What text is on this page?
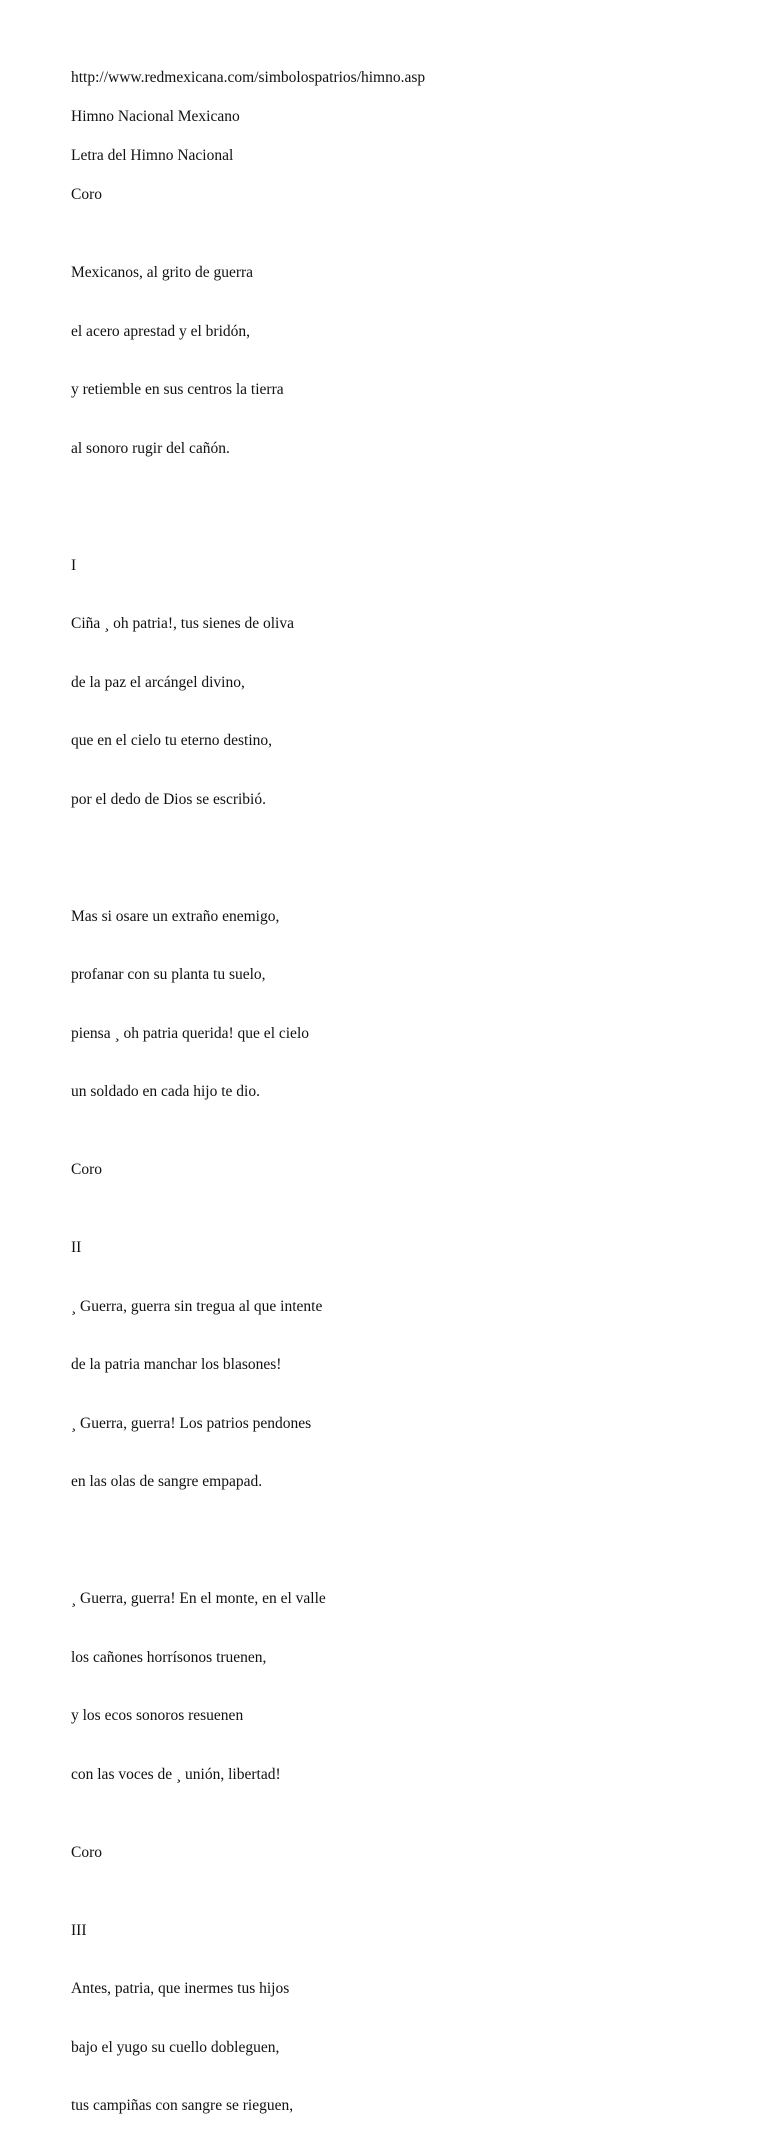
http://www.redmexicana.com/simbolospatrios/himno.asp

Himno Nacional Mexicano

Letra del Himno Nacional

Coro

Mexicanos, al grito de guerra

el acero aprestad y el bridón,

y retiemble en sus centros la tierra

al sonoro rugir del cañón.

I

Ciña ¸ oh patria!, tus sienes de oliva

de la paz el arcángel divino,

que en el cielo tu eterno destino,

por el dedo de Dios se escribió.

Mas si osare un extraño enemigo,

profanar con su planta tu suelo,

piensa ¸ oh patria querida! que el cielo

un soldado en cada hijo te dio.

Coro

II

¸ Guerra, guerra sin tregua al que intente

de la patria manchar los blasones!

¸ Guerra, guerra! Los patrios pendones

en las olas de sangre empapad.

¸ Guerra, guerra! En el monte, en el valle

los cañones horrísonos truenen,

y los ecos sonoros resuenen

con las voces de ¸ unión, libertad!

Coro

III

Antes, patria, que inermes tus hijos

bajo el yugo su cuello dobleguen,

tus campiñas con sangre se rieguen,
